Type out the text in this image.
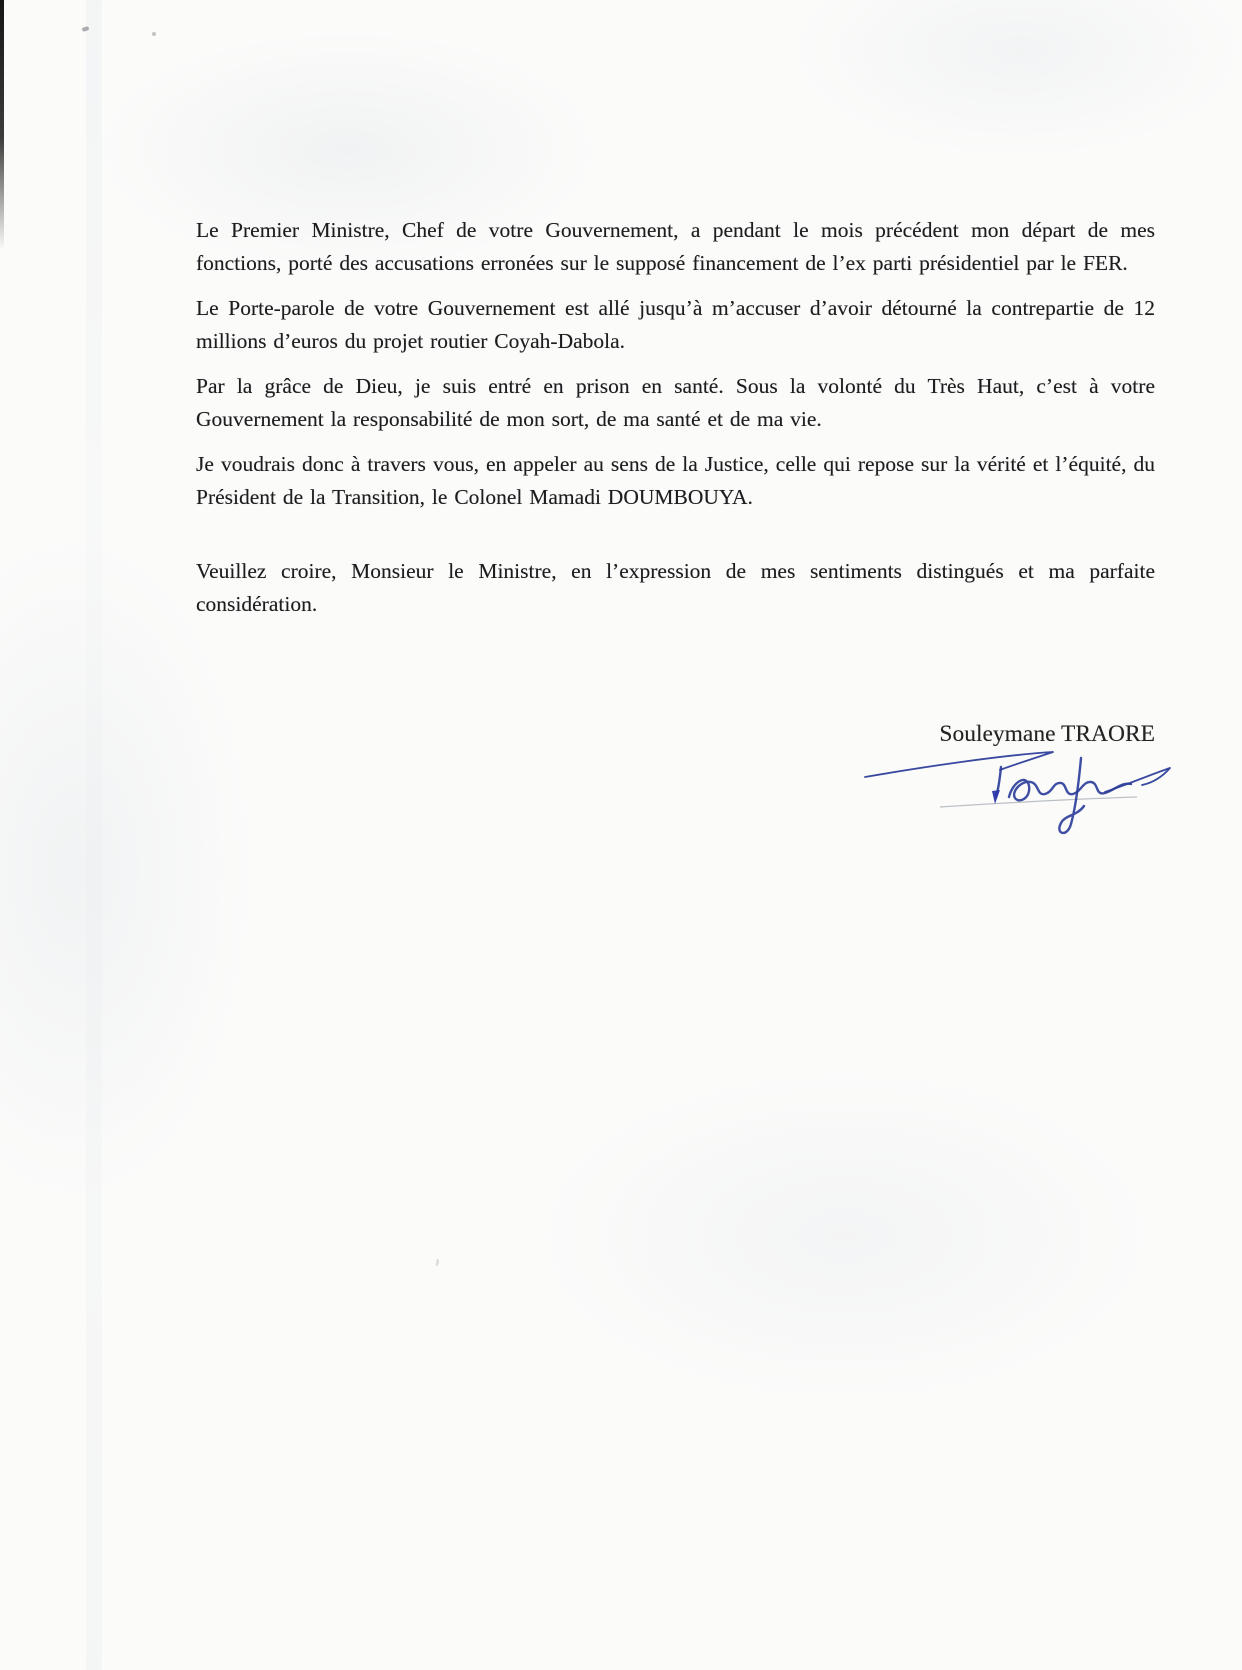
Le Premier Ministre, Chef de votre Gouvernement, a pendant le mois précédent mon départ de mes fonctions, porté des accusations erronées sur le supposé financement de l’ex parti présidentiel par le FER.

Le Porte-parole de votre Gouvernement est allé jusqu’à m’accuser d’avoir détourné la contrepartie de 12 millions d’euros du projet routier Coyah-Dabola.

Par la grâce de Dieu, je suis entré en prison en santé. Sous la volonté du Très Haut, c’est à votre Gouvernement la responsabilité de mon sort, de ma santé et de ma vie.

Je voudrais donc à travers vous, en appeler au sens de la Justice, celle qui repose sur la vérité et l’équité, du Président de la Transition, le Colonel Mamadi DOUMBOUYA.

Veuillez croire, Monsieur le Ministre, en l’expression de mes sentiments distingués et ma parfaite considération.

Souleymane TRAORE
